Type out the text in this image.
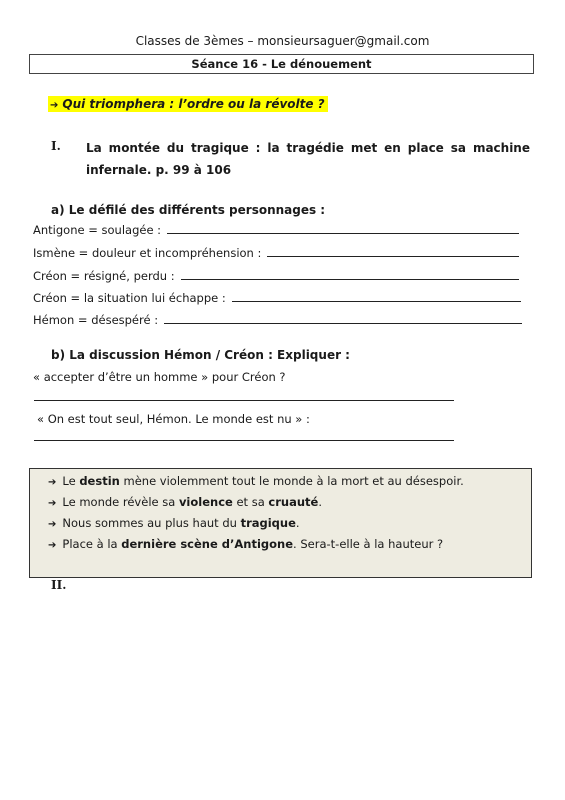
Classes de 3èmes – monsieursaguer@gmail.com
Séance 16 - Le dénouement
➔ Qui triomphera : l’ordre ou la révolte ?
I. La montée du tragique : la tragédie met en place sa machine infernale. p. 99 à 106
a) Le défilé des différents personnages :
Antigone = soulagée :
Ismène = douleur et incompréhension :
Créon = résigné, perdu :
Créon = la situation lui échappe :
Hémon = désespéré :
b) La discussion Hémon / Créon : Expliquer :
« accepter d’être un homme » pour Créon ?
« On est tout seul, Hémon. Le monde est nu » :
➔ Le destin mène violemment tout le monde à la mort et au désespoir.
➔ Le monde révèle sa violence et sa cruauté.
➔ Nous sommes au plus haut du tragique.
➔ Place à la dernière scène d’Antigone. Sera-t-elle à la hauteur ?
II.
